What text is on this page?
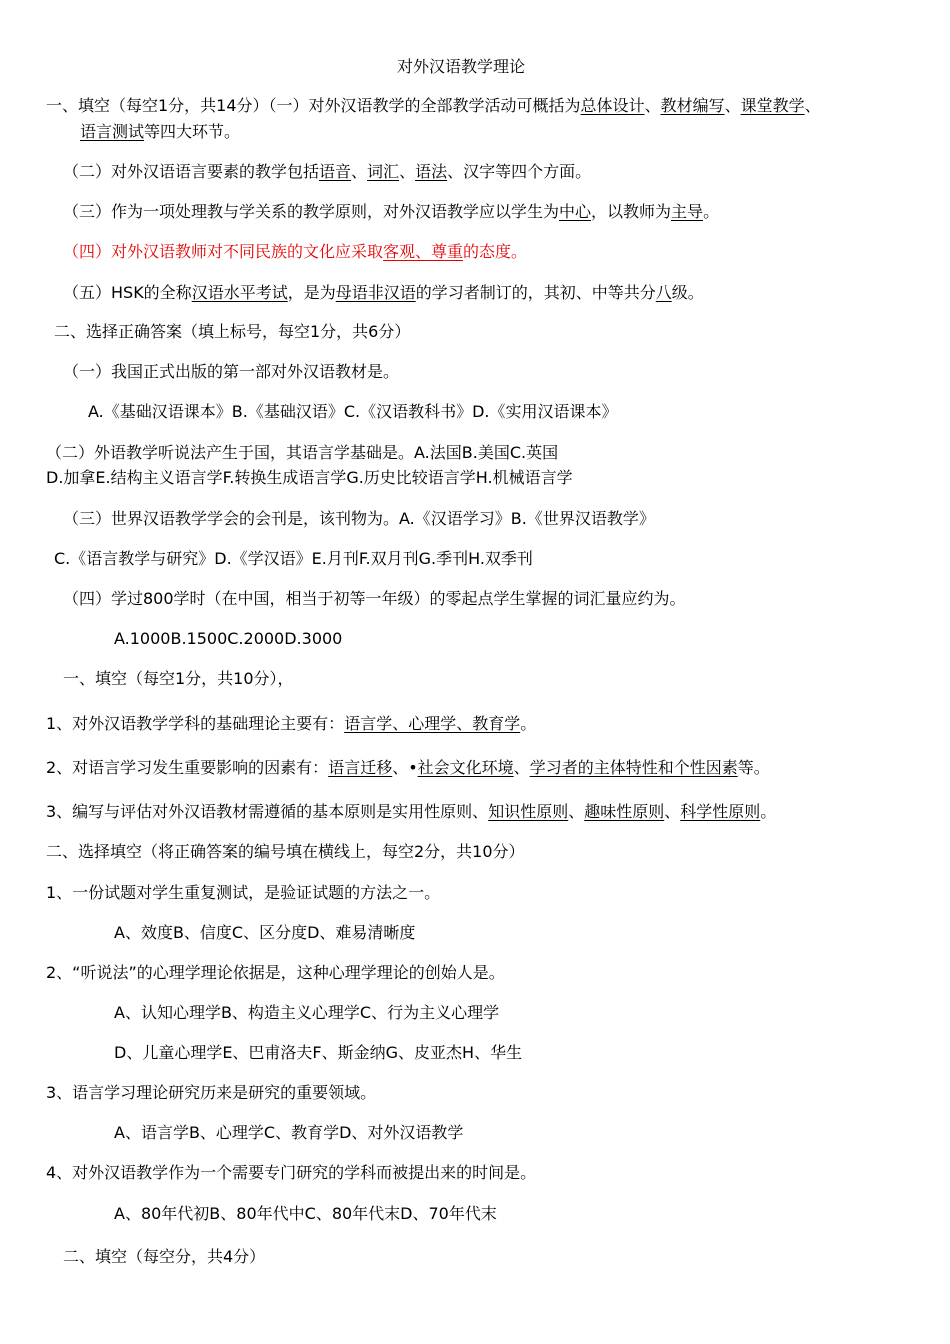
对外汉语教学理论
一、填空（每空1分，共14分）（一）对外汉语教学的全部教学活动可概括为总体设计、教材编写、课堂教学、
语言测试等四大环节。
（二）对外汉语语言要素的教学包括语音、词汇、语法、汉字等四个方面。
（三）作为一项处理教与学关系的教学原则，对外汉语教学应以学生为中心，以教师为主导。
（四）对外汉语教师对不同民族的文化应采取客观、尊重的态度。
（五）HSK的全称汉语水平考试，是为母语非汉语的学习者制订的，其初、中等共分八级。
二、选择正确答案（填上标号，每空1分，共6分）
（一）我国正式出版的第一部对外汉语教材是。
A.《基础汉语课本》B.《基础汉语》C.《汉语教科书》D.《实用汉语课本》
（二）外语教学听说法产生于国，其语言学基础是。A.法国B.美国C.英国
D.加拿E.结构主义语言学F.转换生成语言学G.历史比较语言学H.机械语言学
（三）世界汉语教学学会的会刊是，该刊物为。A.《汉语学习》B.《世界汉语教学》
C.《语言教学与研究》D.《学汉语》E.月刊F.双月刊G.季刊H.双季刊
（四）学过800学时（在中国，相当于初等一年级）的零起点学生掌握的词汇量应约为。
A.1000B.1500C.2000D.3000
一、填空（每空1分，共10分），
1、对外汉语教学学科的基础理论主要有：语言学、心理学、教育学。
2、对语言学习发生重要影响的因素有：语言迁移、•社会文化环境、学习者的主体特性和个性因素等。
3、编写与评估对外汉语教材需遵循的基本原则是实用性原则、知识性原则、趣味性原则、科学性原则。
二、选择填空（将正确答案的编号填在横线上，每空2分，共10分）
1、一份试题对学生重复测试，是验证试题的方法之一。
A、效度B、信度C、区分度D、难易清晰度
2、“听说法”的心理学理论依据是，这种心理学理论的创始人是。
A、认知心理学B、构造主义心理学C、行为主义心理学
D、儿童心理学E、巴甫洛夫F、斯金纳G、皮亚杰H、华生
3、语言学习理论研究历来是研究的重要领域。
A、语言学B、心理学C、教育学D、对外汉语教学
4、对外汉语教学作为一个需要专门研究的学科而被提出来的时间是。
A、80年代初B、80年代中C、80年代末D、70年代末
二、填空（每空分，共4分）
